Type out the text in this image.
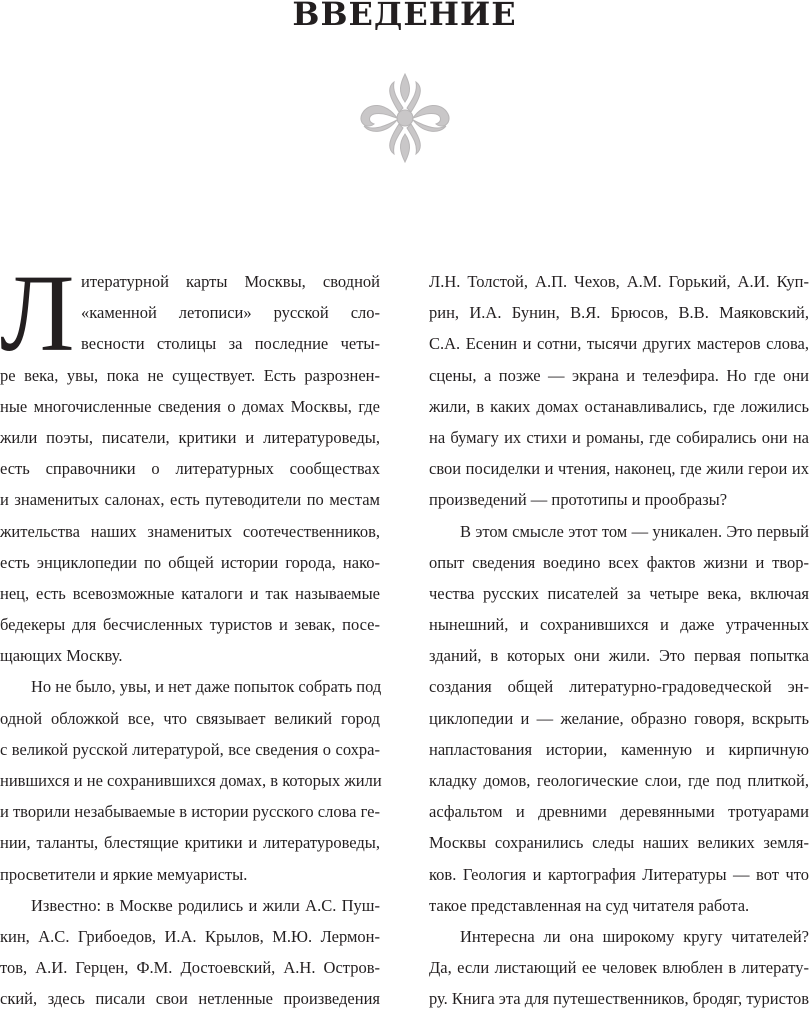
ВВЕДЕНИЕ
Л итературной карты Москвы, сводной
«каменной летописи» русской сло-
весности столицы за последние четы-
ре века, увы, пока не существует. Есть разрознен-
ные многочисленные сведения о домах Москвы, где
жили поэты, писатели, критики и литературоведы,
есть справочники о литературных сообществах
и знаменитых салонах, есть путеводители по местам
жительства наших знаменитых соотечественников,
есть энциклопедии по общей истории города, нако-
нец, есть всевозможные каталоги и так называемые
бедекеры для бесчисленных туристов и зевак, посе-
щающих Москву.
Но не было, увы, и нет даже попыток собрать под
одной обложкой все, что связывает великий город
с великой русской литературой, все сведения о сохра-
нившихся и не сохранившихся домах, в которых жили
и творили незабываемые в истории русского слова ге-
нии, таланты, блестящие критики и литературоведы,
просветители и яркие мемуаристы.
Известно: в Москве родились и жили А.С. Пуш-
кин, А.С. Грибоедов, И.А. Крылов, М.Ю. Лермон-
тов, А.И. Герцен, Ф.М. Достоевский, А.Н. Остров-
ский, здесь писали свои нетленные произведения
Л.Н. Толстой, А.П. Чехов, А.М. Горький, А.И. Куп-
рин, И.А. Бунин, В.Я. Брюсов, В.В. Маяковский,
С.А. Есенин и сотни, тысячи других мастеров слова,
сцены, а позже — экрана и телеэфира. Но где они
жили, в каких домах останавливались, где ложились
на бумагу их стихи и романы, где собирались они на
свои посиделки и чтения, наконец, где жили герои их
произведений — прототипы и прообразы?
В этом смысле этот том — уникален. Это первый
опыт сведения воедино всех фактов жизни и твор-
чества русских писателей за четыре века, включая
нынешний, и сохранившихся и даже утраченных
зданий, в которых они жили. Это первая попытка
создания общей литературно-градоведческой эн-
циклопедии и — желание, образно говоря, вскрыть
напластования истории, каменную и кирпичную
кладку домов, геологические слои, где под плиткой,
асфальтом и древними деревянными тротуарами
Москвы сохранились следы наших великих земля-
ков. Геология и картография Литературы — вот что
такое представленная на суд читателя работа.
Интересна ли она широкому кругу читателей?
Да, если листающий ее человек влюблен в литерату-
ру. Книга эта для путешественников, бродяг, туристов
